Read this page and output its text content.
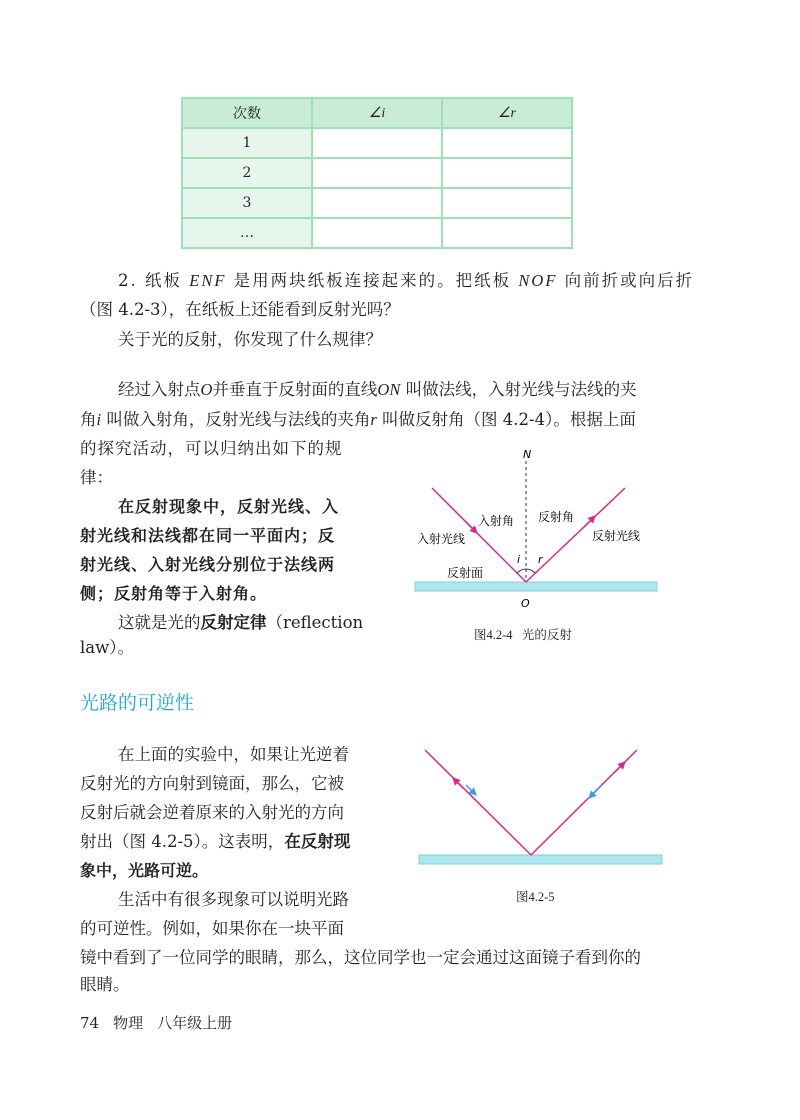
次数	∠i	∠r
1		
2		
3		
…		
2. 纸板 ENF 是用两块纸板连接起来的。把纸板 NOF 向前折或向后折
（图 4.2-3），在纸板上还能看到反射光吗？
关于光的反射，你发现了什么规律？
经过入射点O并垂直于反射面的直线ON 叫做法线，入射光线与法线的夹
角i 叫做入射角，反射光线与法线的夹角r 叫做反射角（图 4.2-4）。根据上面
的探究活动，可以归纳出如下的规
律：
在反射现象中，反射光线、入
射光线和法线都在同一平面内；反
射光线、入射光线分别位于法线两
侧；反射角等于入射角。
这就是光的反射定律（reflection
law）。
N
O
i r
入射角 反射角
入射光线	反射光线
反射面
图4.2-4 光的反射
光路的可逆性
在上面的实验中，如果让光逆着
反射光的方向射到镜面，那么，它被
反射后就会逆着原来的入射光的方向
射出（图 4.2-5）。这表明，在反射现
象中，光路可逆。
生活中有很多现象可以说明光路
的可逆性。例如，如果你在一块平面
镜中看到了一位同学的眼睛，那么，这位同学也一定会通过这面镜子看到你的
眼睛。
图4.2-5
74 物理 八年级上册
